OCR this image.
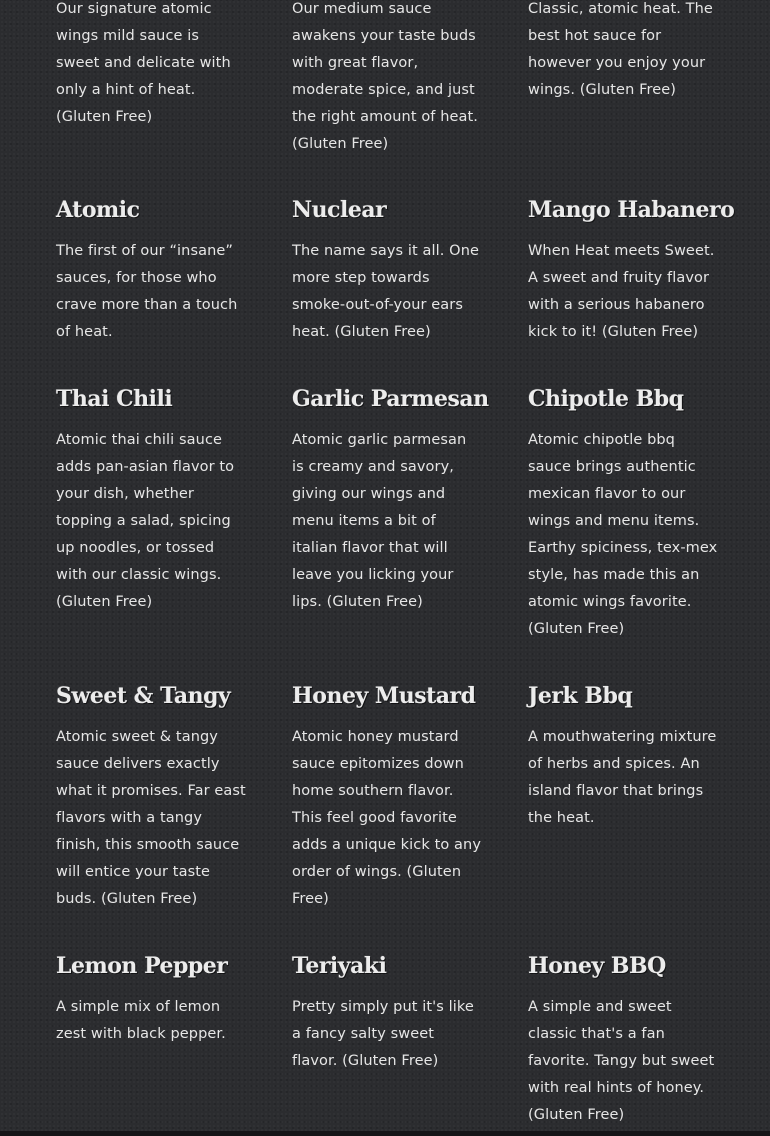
Our signature atomic wings mild sauce is sweet and delicate with only a hint of heat. (Gluten Free)

Our medium sauce awakens your taste buds with great flavor, moderate spice, and just the right amount of heat. (Gluten Free)

Classic, atomic heat. The best hot sauce for however you enjoy your wings. (Gluten Free)

Atomic

The first of our “insane” sauces, for those who crave more than a touch of heat.

Nuclear

The name says it all. One more step towards smoke-out-of-your ears heat. (Gluten Free)

Mango Habanero

When Heat meets Sweet. A sweet and fruity flavor with a serious habanero kick to it! (Gluten Free)

Thai Chili

Atomic thai chili sauce adds pan-asian flavor to your dish, whether topping a salad, spicing up noodles, or tossed with our classic wings. (Gluten Free)

Garlic Parmesan

Atomic garlic parmesan is creamy and savory, giving our wings and menu items a bit of italian flavor that will leave you licking your lips. (Gluten Free)

Chipotle Bbq

Atomic chipotle bbq sauce brings authentic mexican flavor to our wings and menu items. Earthy spiciness, tex-mex style, has made this an atomic wings favorite. (Gluten Free)

Sweet & Tangy

Atomic sweet & tangy sauce delivers exactly what it promises. Far east flavors with a tangy finish, this smooth sauce will entice your taste buds. (Gluten Free)

Honey Mustard

Atomic honey mustard sauce epitomizes down home southern flavor. This feel good favorite adds a unique kick to any order of wings. (Gluten Free)

Jerk Bbq

A mouthwatering mixture of herbs and spices. An island flavor that brings the heat.

Lemon Pepper

A simple mix of lemon zest with black pepper.

Teriyaki

Pretty simply put it's like a fancy salty sweet flavor. (Gluten Free)

Honey BBQ

A simple and sweet classic that's a fan favorite. Tangy but sweet with real hints of honey. (Gluten Free)
